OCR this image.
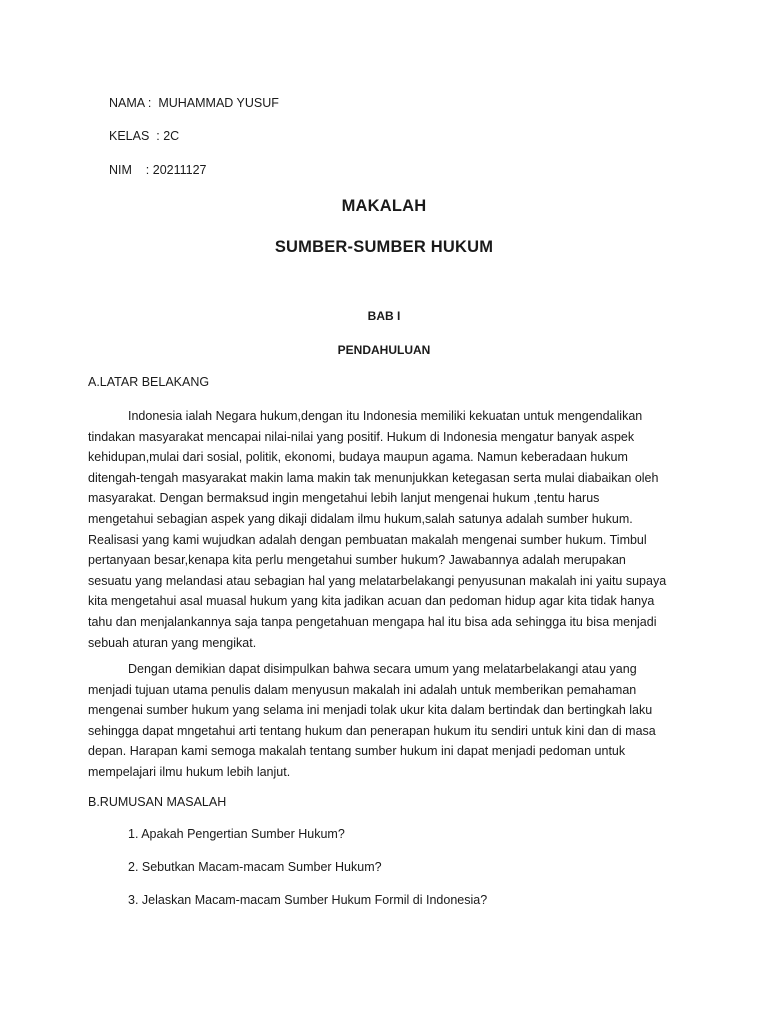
NAMA :  MUHAMMAD YUSUF
KELAS  : 2C
NIM    : 20211127
MAKALAH
SUMBER-SUMBER HUKUM
BAB I
PENDAHULUAN
A.LATAR BELAKANG
Indonesia ialah Negara hukum,dengan itu Indonesia memiliki kekuatan untuk mengendalikan
tindakan masyarakat mencapai nilai-nilai yang positif. Hukum di Indonesia mengatur banyak aspek
kehidupan,mulai dari sosial, politik, ekonomi, budaya maupun agama. Namun keberadaan hukum
ditengah-tengah masyarakat makin lama makin tak menunjukkan ketegasan serta mulai diabaikan oleh
masyarakat. Dengan bermaksud ingin mengetahui lebih lanjut mengenai hukum ,tentu harus
mengetahui sebagian aspek yang dikaji didalam ilmu hukum,salah satunya adalah sumber hukum.
Realisasi yang kami wujudkan adalah dengan pembuatan makalah mengenai sumber hukum. Timbul
pertanyaan besar,kenapa kita perlu mengetahui sumber hukum? Jawabannya adalah merupakan
sesuatu yang melandasi atau sebagian hal yang melatarbelakangi penyusunan makalah ini yaitu supaya
kita mengetahui asal muasal hukum yang kita jadikan acuan dan pedoman hidup agar kita tidak hanya
tahu dan menjalankannya saja tanpa pengetahuan mengapa hal itu bisa ada sehingga itu bisa menjadi
sebuah aturan yang mengikat.
Dengan demikian dapat disimpulkan bahwa secara umum yang melatarbelakangi atau yang
menjadi tujuan utama penulis dalam menyusun makalah ini adalah untuk memberikan pemahaman
mengenai sumber hukum yang selama ini menjadi tolak ukur kita dalam bertindak dan bertingkah laku
sehingga dapat mngetahui arti tentang hukum dan penerapan hukum itu sendiri untuk kini dan di masa
depan. Harapan kami semoga makalah tentang sumber hukum ini dapat menjadi pedoman untuk
mempelajari ilmu hukum lebih lanjut.
B.RUMUSAN MASALAH
1. Apakah Pengertian Sumber Hukum?
2. Sebutkan Macam-macam Sumber Hukum?
3. Jelaskan Macam-macam Sumber Hukum Formil di Indonesia?
